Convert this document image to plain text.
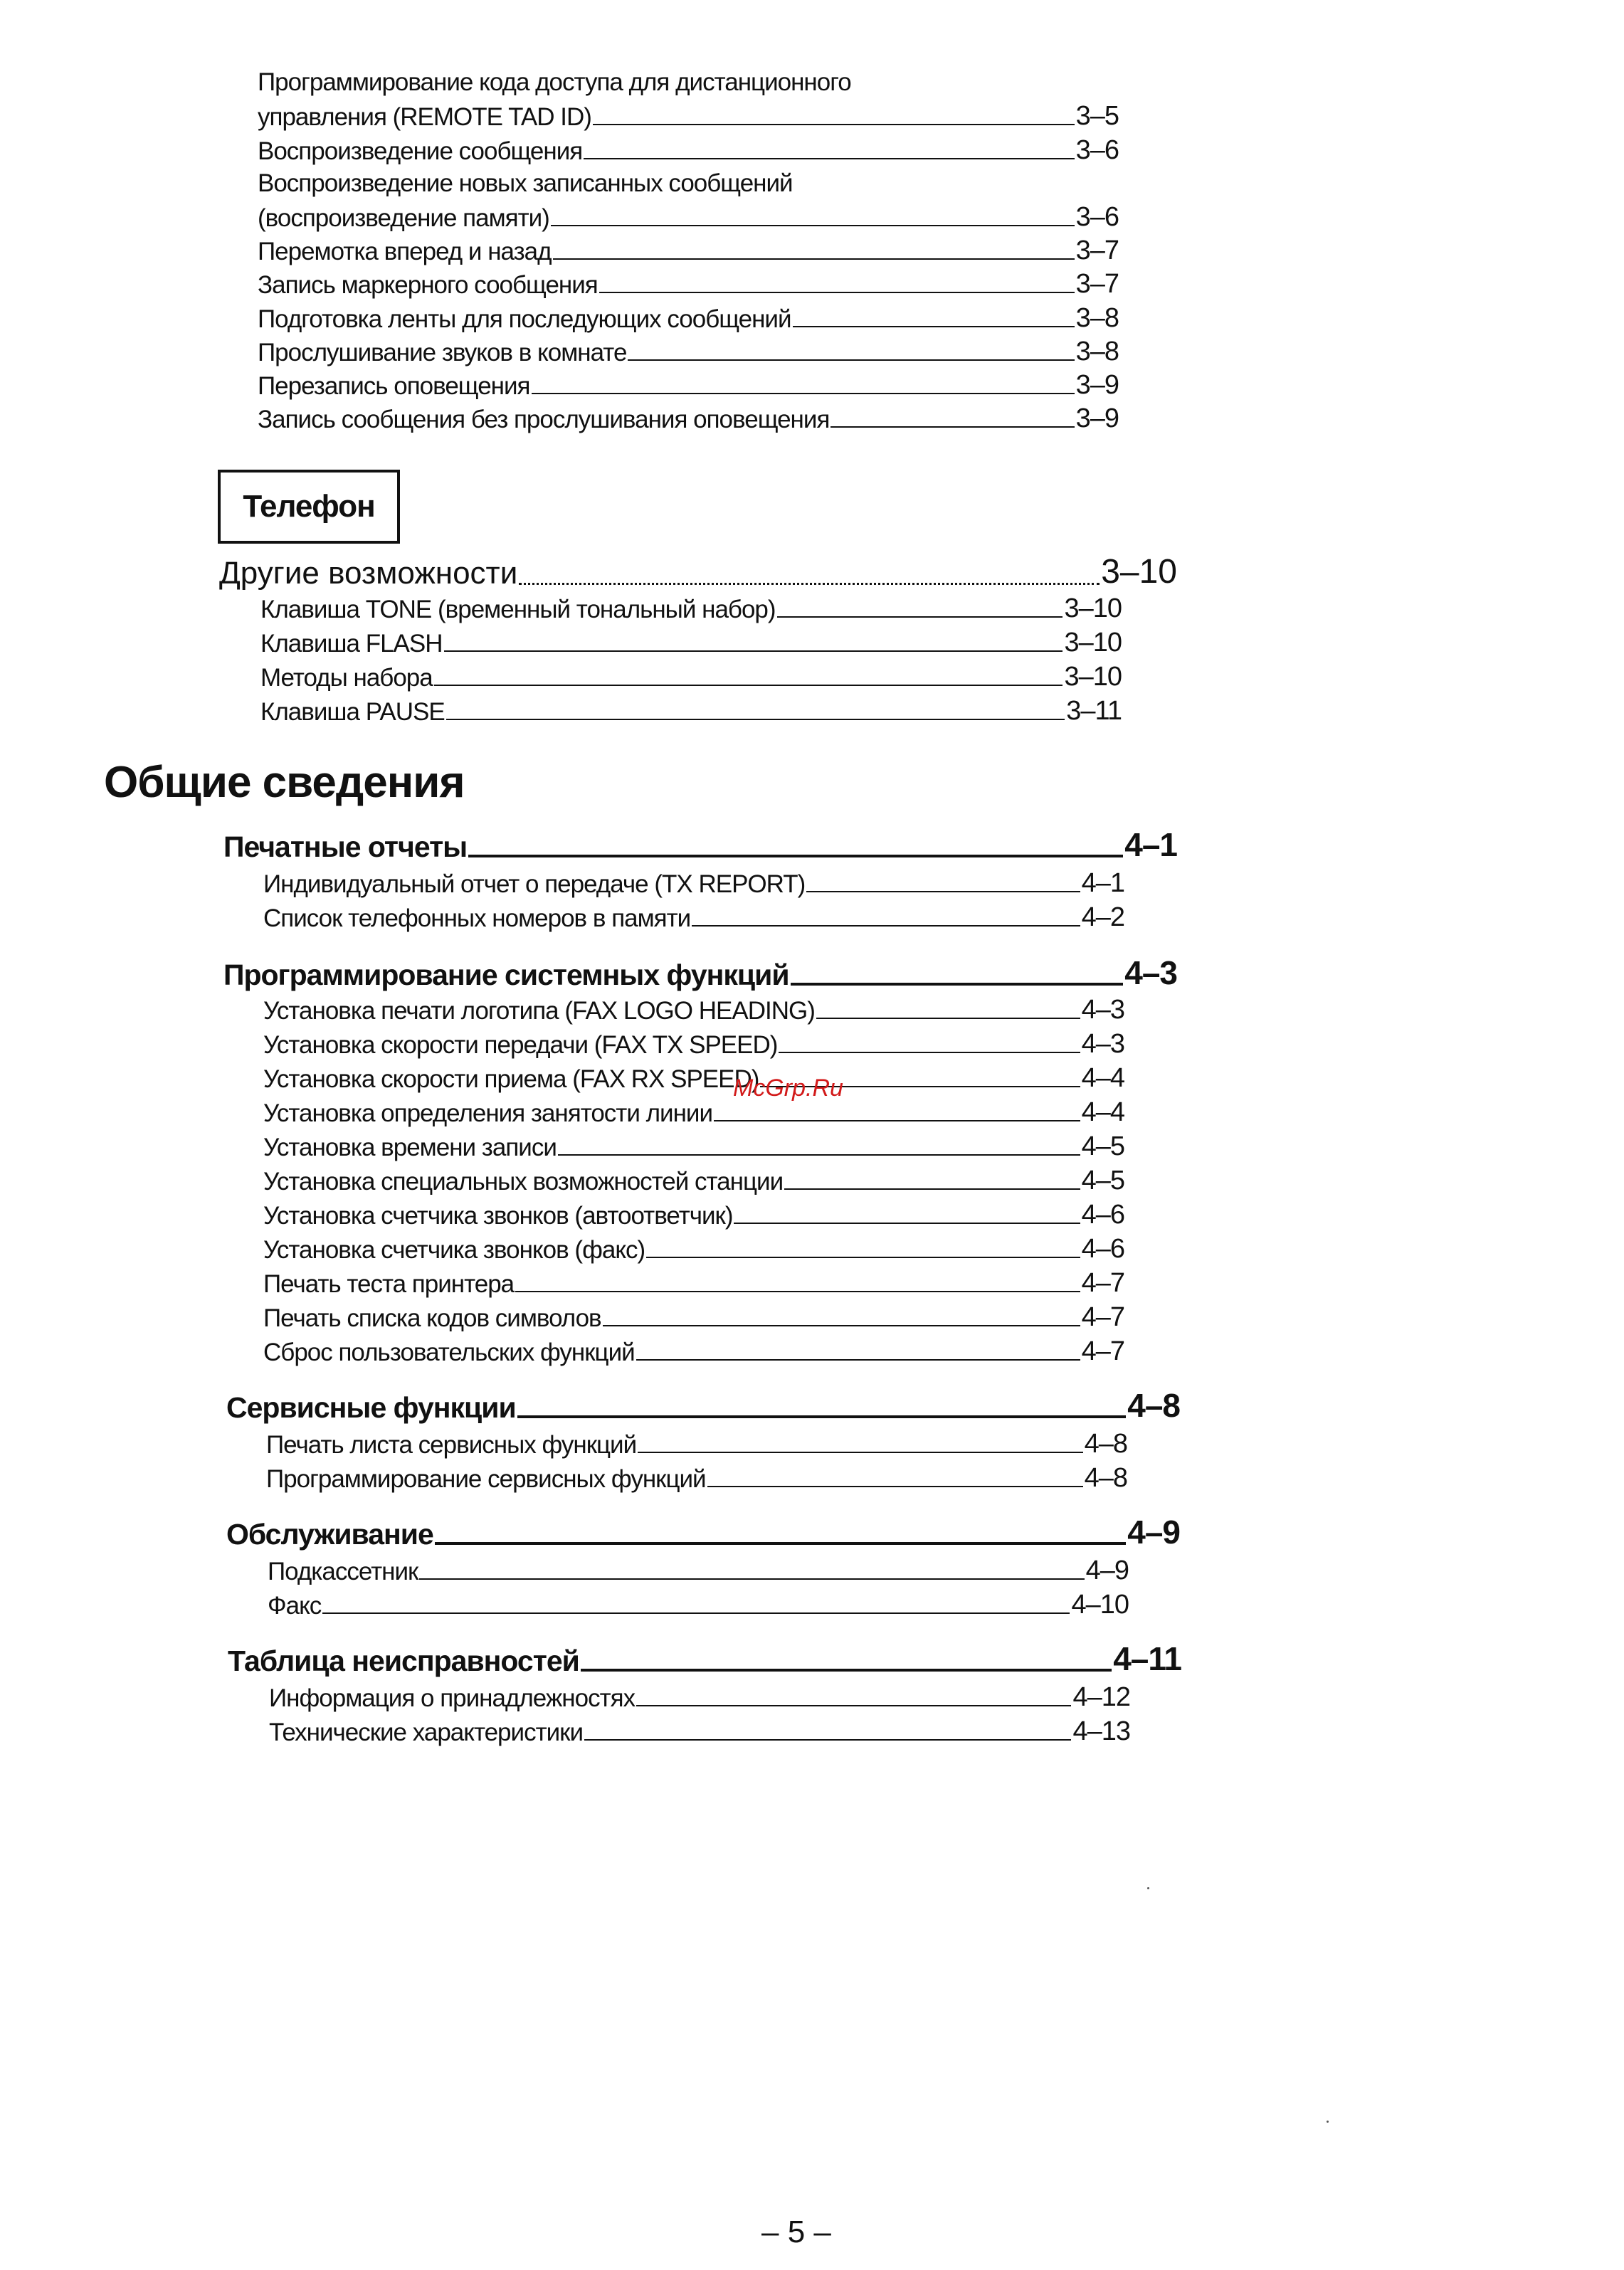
Программирование кода доступа для дистанционного
управления (REMOTE TAD ID)	3–5
Воспроизведение сообщения	3–6
Воспроизведение новых записанных сообщений
(воспроизведение памяти)	3–6
Перемотка вперед и назад	3–7
Запись маркерного сообщения	3–7
Подготовка ленты для последующих сообщений	3–8
Прослушивание звуков в комнате	3–8
Перезапись оповещения	3–9
Запись сообщения без прослушивания оповещения	3–9
Телефон
Другие возможности	3–10
Клавиша TONE (временный тональный набор)	3–10
Клавиша FLASH	3–10
Методы набора	3–10
Клавиша PAUSE	3–11
Общие сведения
Печатные отчеты	4–1
Индивидуальный отчет о передаче (TX REPORT)	4–1
Список телефонных номеров в памяти	4–2
Программирование системных функций	4–3
Установка печати логотипа (FAX LOGO HEADING)	4–3
Установка скорости передачи (FAX TX SPEED)	4–3
Установка скорости приема (FAX RX SPEED)	4–4
Установка определения занятости линии	4–4
Установка времени записи	4–5
Установка специальных возможностей станции	4–5
Установка счетчика звонков (автоответчик)	4–6
Установка счетчика звонков (факс)	4–6
Печать теста принтера	4–7
Печать списка кодов символов	4–7
Сброс пользовательских функций	4–7
McGrp.Ru
Сервисные функции	4–8
Печать листа сервисных функций	4–8
Программирование сервисных функций	4–8
Обслуживание	4–9
Подкассетник	4–9
Факс	4–10
Таблица неисправностей	4–11
Информация о принадлежностях	4–12
Технические характеристики	4–13
– 5 –
